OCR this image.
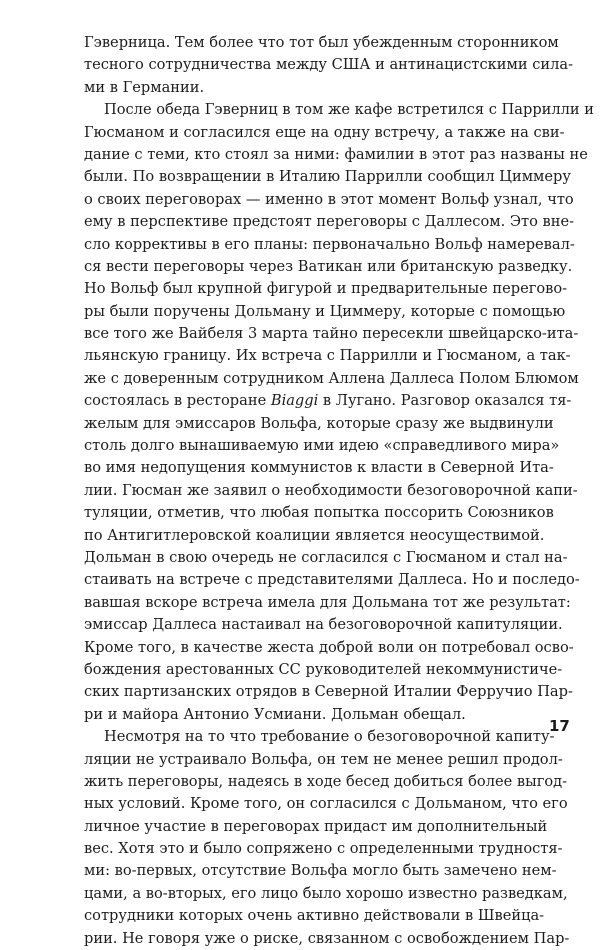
Гэверница. Тем более что тот был убежденным сторонником
тесного сотрудничества между США и антинацистскими сила-
ми в Германии.
После обеда Гэверниц в том же кафе встретился с Паррилли и
Гюсманом и согласился еще на одну встречу, а также на сви-
дание с теми, кто стоял за ними: фамилии в этот раз названы не
были. По возвращении в Италию Паррилли сообщил Циммеру
о своих переговорах — именно в этот момент Вольф узнал, что
ему в перспективе предстоят переговоры с Даллесом. Это вне-
сло коррективы в его планы: первоначально Вольф намеревал-
ся вести переговоры через Ватикан или британскую разведку.
Но Вольф был крупной фигурой и предварительные перегово-
ры были поручены Дольману и Циммеру, которые с помощью
все того же Вайбеля 3 марта тайно пересекли швейцарско-ита-
льянскую границу. Их встреча с Паррилли и Гюсманом, а так-
же с доверенным сотрудником Аллена Даллеса Полом Блюмом
состоялась в ресторане Biaggi в Лугано. Разговор оказался тя-
желым для эмиссаров Вольфа, которые сразу же выдвинули
столь долго вынашиваемую ими идею «справедливого мира»
во имя недопущения коммунистов к власти в Северной Ита-
лии. Гюсман же заявил о необходимости безоговорочной капи-
туляции, отметив, что любая попытка поссорить Союзников
по Антигитлеровской коалиции является неосуществимой.
Дольман в свою очередь не согласился с Гюсманом и стал на-
стаивать на встрече с представителями Даллеса. Но и последо-
вавшая вскоре встреча имела для Дольмана тот же результат:
эмиссар Даллеса настаивал на безоговорочной капитуляции.
Кроме того, в качестве жеста доброй воли он потребовал осво-
бождения арестованных СС руководителей некоммунистиче-
ских партизанских отрядов в Северной Италии Ферручио Пар-
ри и майора Антонио Усмиани. Дольман обещал.
Несмотря на то что требование о безоговорочной капиту-
ляции не устраивало Вольфа, он тем не менее решил продол-
жить переговоры, надеясь в ходе бесед добиться более выгод-
ных условий. Кроме того, он согласился с Дольманом, что его
личное участие в переговорах придаст им дополнительный
вес. Хотя это и было сопряжено с определенными трудностя-
ми: во-первых, отсутствие Вольфа могло быть замечено нем-
цами, а во-вторых, его лицо было хорошо известно разведкам,
сотрудники которых очень активно действовали в Швейца-
рии. Не говоря уже о риске, связанном с освобождением Пар-
17
